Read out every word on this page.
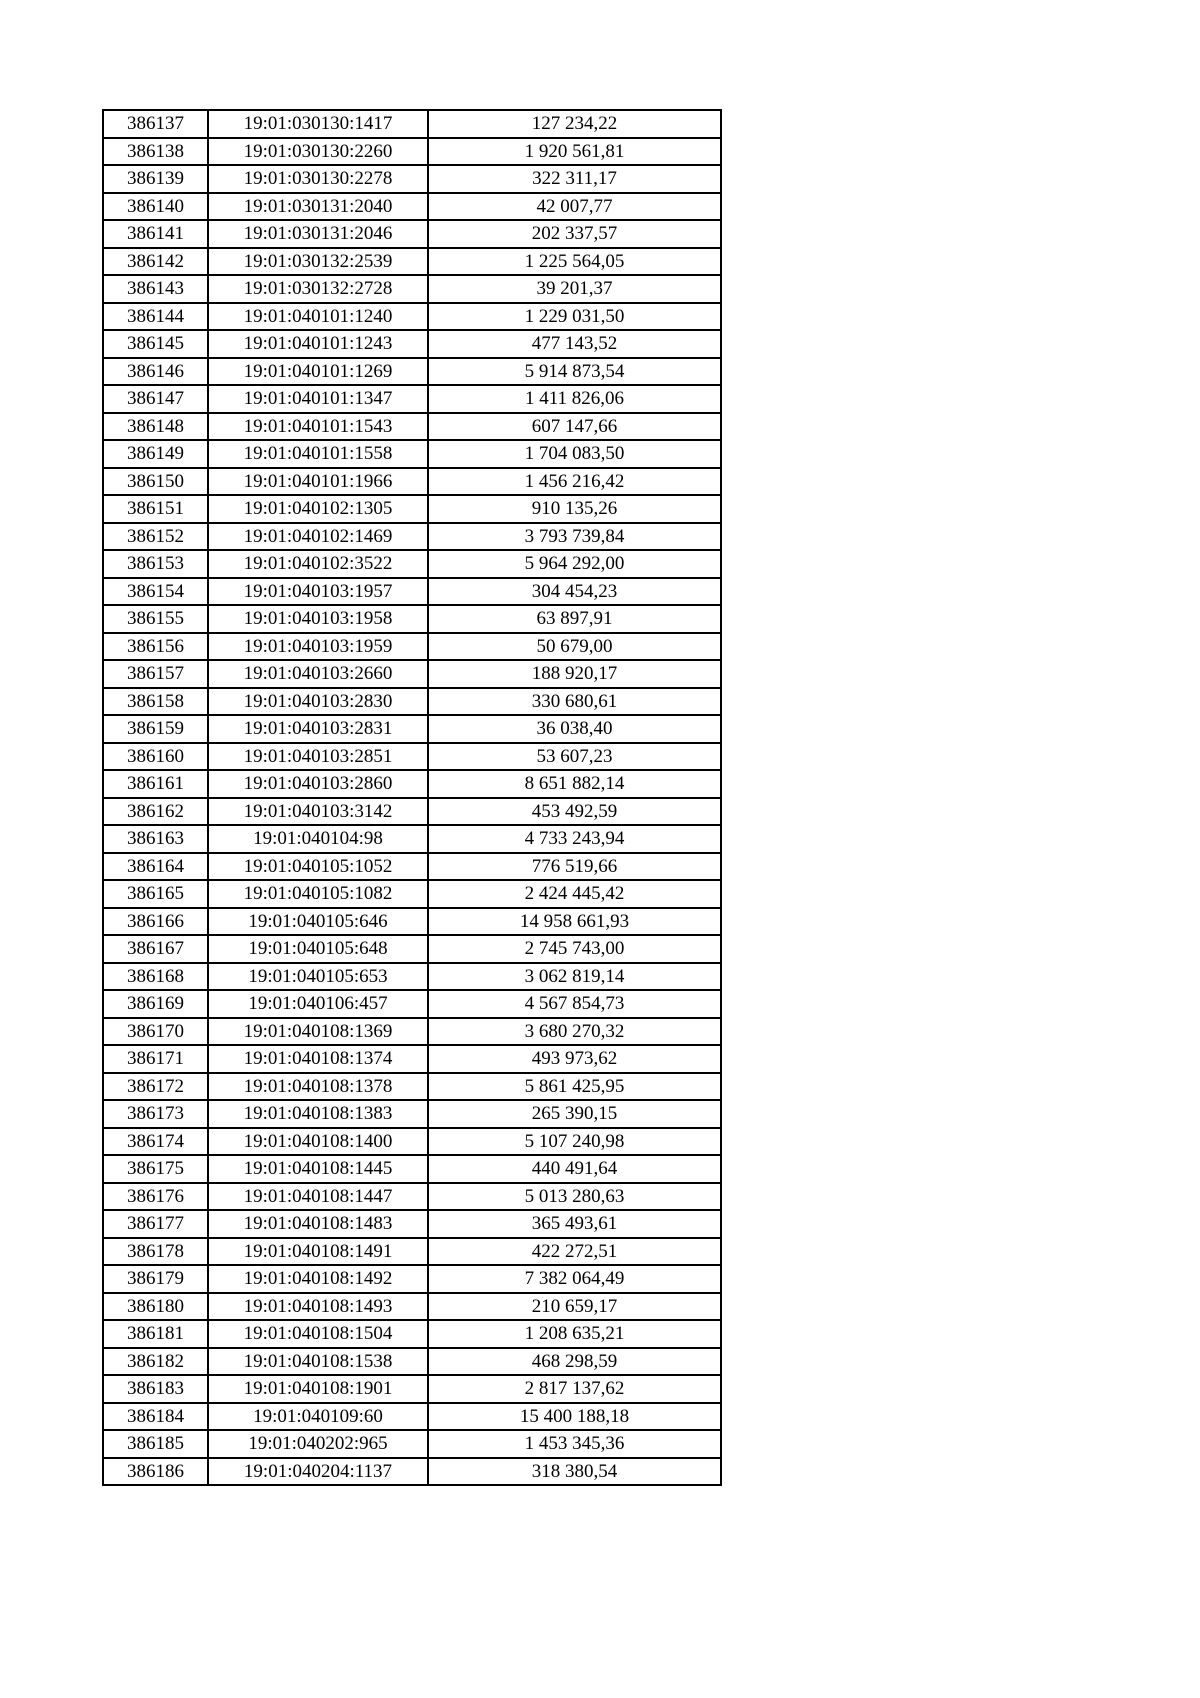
386137	19:01:030130:1417	127 234,22
386138	19:01:030130:2260	1 920 561,81
386139	19:01:030130:2278	322 311,17
386140	19:01:030131:2040	42 007,77
386141	19:01:030131:2046	202 337,57
386142	19:01:030132:2539	1 225 564,05
386143	19:01:030132:2728	39 201,37
386144	19:01:040101:1240	1 229 031,50
386145	19:01:040101:1243	477 143,52
386146	19:01:040101:1269	5 914 873,54
386147	19:01:040101:1347	1 411 826,06
386148	19:01:040101:1543	607 147,66
386149	19:01:040101:1558	1 704 083,50
386150	19:01:040101:1966	1 456 216,42
386151	19:01:040102:1305	910 135,26
386152	19:01:040102:1469	3 793 739,84
386153	19:01:040102:3522	5 964 292,00
386154	19:01:040103:1957	304 454,23
386155	19:01:040103:1958	63 897,91
386156	19:01:040103:1959	50 679,00
386157	19:01:040103:2660	188 920,17
386158	19:01:040103:2830	330 680,61
386159	19:01:040103:2831	36 038,40
386160	19:01:040103:2851	53 607,23
386161	19:01:040103:2860	8 651 882,14
386162	19:01:040103:3142	453 492,59
386163	19:01:040104:98	4 733 243,94
386164	19:01:040105:1052	776 519,66
386165	19:01:040105:1082	2 424 445,42
386166	19:01:040105:646	14 958 661,93
386167	19:01:040105:648	2 745 743,00
386168	19:01:040105:653	3 062 819,14
386169	19:01:040106:457	4 567 854,73
386170	19:01:040108:1369	3 680 270,32
386171	19:01:040108:1374	493 973,62
386172	19:01:040108:1378	5 861 425,95
386173	19:01:040108:1383	265 390,15
386174	19:01:040108:1400	5 107 240,98
386175	19:01:040108:1445	440 491,64
386176	19:01:040108:1447	5 013 280,63
386177	19:01:040108:1483	365 493,61
386178	19:01:040108:1491	422 272,51
386179	19:01:040108:1492	7 382 064,49
386180	19:01:040108:1493	210 659,17
386181	19:01:040108:1504	1 208 635,21
386182	19:01:040108:1538	468 298,59
386183	19:01:040108:1901	2 817 137,62
386184	19:01:040109:60	15 400 188,18
386185	19:01:040202:965	1 453 345,36
386186	19:01:040204:1137	318 380,54
